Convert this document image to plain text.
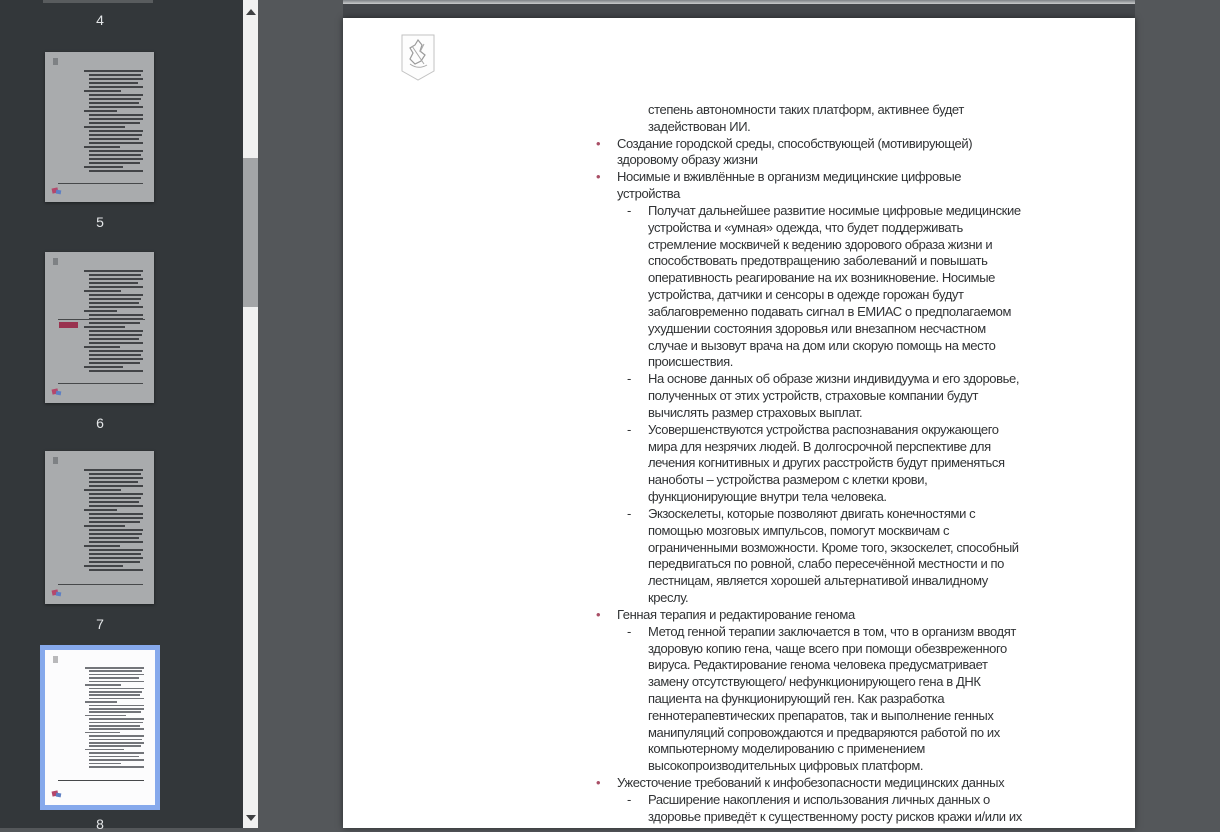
4
5
6
7
8
степень автономности таких платформ, активнее будет
задействован ИИ.
• Создание городской среды, способствующей (мотивирующей)
здоровому образу жизни
• Носимые и вживлённые в организм медицинские цифровые
устройства
- Получат дальнейшее развитие носимые цифровые медицинские
устройства и «умная» одежда, что будет поддерживать
стремление москвичей к ведению здорового образа жизни и
способствовать предотвращению заболеваний и повышать
оперативность реагирование на их возникновение. Носимые
устройства, датчики и сенсоры в одежде горожан будут
заблаговременно подавать сигнал в ЕМИАС о предполагаемом
ухудшении состояния здоровья или внезапном несчастном
случае и вызовут врача на дом или скорую помощь на место
происшествия.
- На основе данных об образе жизни индивидуума и его здоровье,
полученных от этих устройств, страховые компании будут
вычислять размер страховых выплат.
- Усовершенствуются устройства распознавания окружающего
мира для незрячих людей. В долгосрочной перспективе для
лечения когнитивных и других расстройств будут применяться
наноботы – устройства размером с клетки крови,
функционирующие внутри тела человека.
- Экзоскелеты, которые позволяют двигать конечностями с
помощью мозговых импульсов, помогут москвичам с
ограниченными возможности. Кроме того, экзоскелет, способный
передвигаться по ровной, слабо пересечённой местности и по
лестницам, является хорошей альтернативой инвалидному
креслу.
• Генная терапия и редактирование генома
- Метод генной терапии заключается в том, что в организм вводят
здоровую копию гена, чаще всего при помощи обезвреженного
вируса. Редактирование генома человека предусматривает
замену отсутствующего/ нефункционирующего гена в ДНК
пациента на функционирующий ген. Как разработка
геннотерапевтических препаратов, так и выполнение генных
манипуляций сопровождаются и предваряются работой по их
компьютерному моделированию с применением
высокопроизводительных цифровых платформ.
• Ужесточение требований к инфобезопасности медицинских данных
- Расширение накопления и использования личных данных о
здоровье приведёт к существенному росту рисков кражи и/или их
